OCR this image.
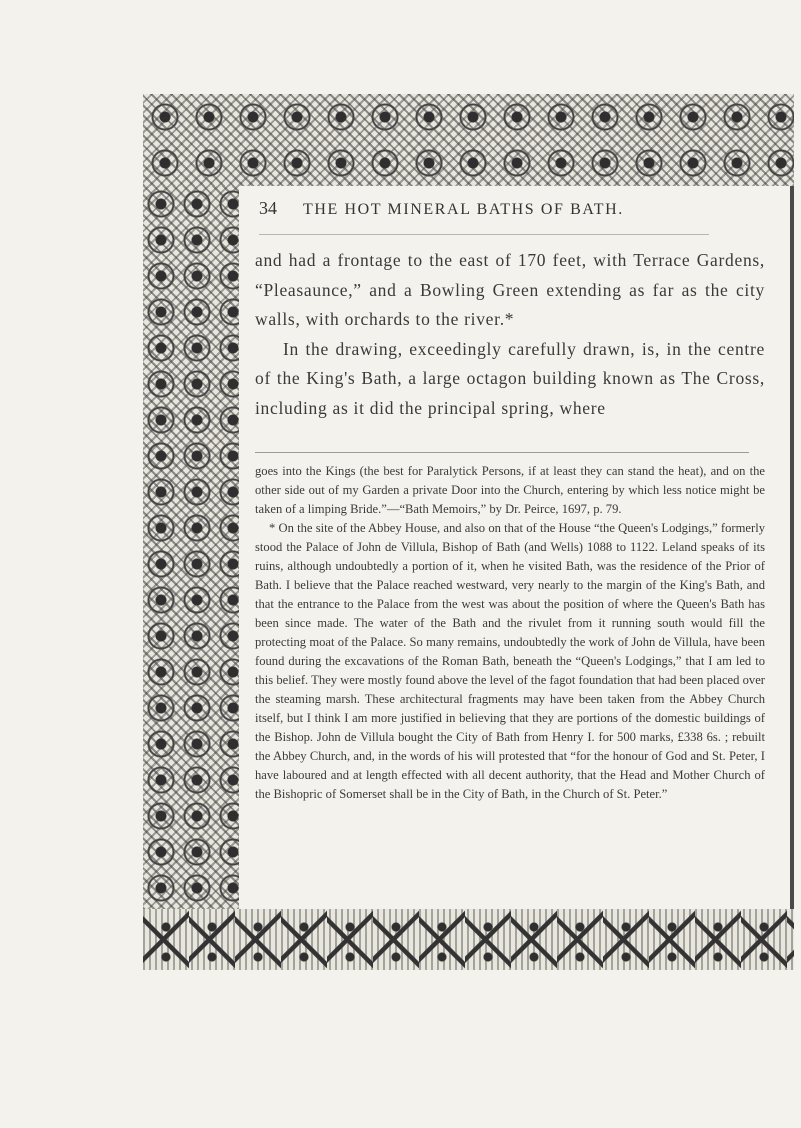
34 THE HOT MINERAL BATHS OF BATH.

and had a frontage to the east of 170 feet, with Terrace Gardens, “Pleasaunce,” and a Bowling Green extending as far as the city walls, with orchards to the river.*

In the drawing, exceedingly carefully drawn, is, in the centre of the King's Bath, a large octagon building known as The Cross, including as it did the principal spring, where

goes into the Kings (the best for Paralytick Persons, if at least they can stand the heat), and on the other side out of my Garden a private Door into the Church, entering by which less notice might be taken of a limping Bride.”—“Bath Memoirs,” by Dr. Peirce, 1697, p. 79.

* On the site of the Abbey House, and also on that of the House “the Queen's Lodgings,” formerly stood the Palace of John de Villula, Bishop of Bath (and Wells) 1088 to 1122. Leland speaks of its ruins, although undoubtedly a portion of it, when he visited Bath, was the residence of the Prior of Bath. I believe that the Palace reached westward, very nearly to the margin of the King's Bath, and that the entrance to the Palace from the west was about the position of where the Queen's Bath has been since made. The water of the Bath and the rivulet from it running south would fill the protecting moat of the Palace. So many remains, undoubtedly the work of John de Villula, have been found during the excavations of the Roman Bath, beneath the “Queen's Lodgings,” that I am led to this belief. They were mostly found above the level of the fagot foundation that had been placed over the steaming marsh. These architectural fragments may have been taken from the Abbey Church itself, but I think I am more justified in believing that they are portions of the domestic buildings of the Bishop. John de Villula bought the City of Bath from Henry I. for 500 marks, £338 6s. ; rebuilt the Abbey Church, and, in the words of his will protested that “for the honour of God and St. Peter, I have laboured and at length effected with all decent authority, that the Head and Mother Church of the Bishopric of Somerset shall be in the City of Bath, in the Church of St. Peter.”
